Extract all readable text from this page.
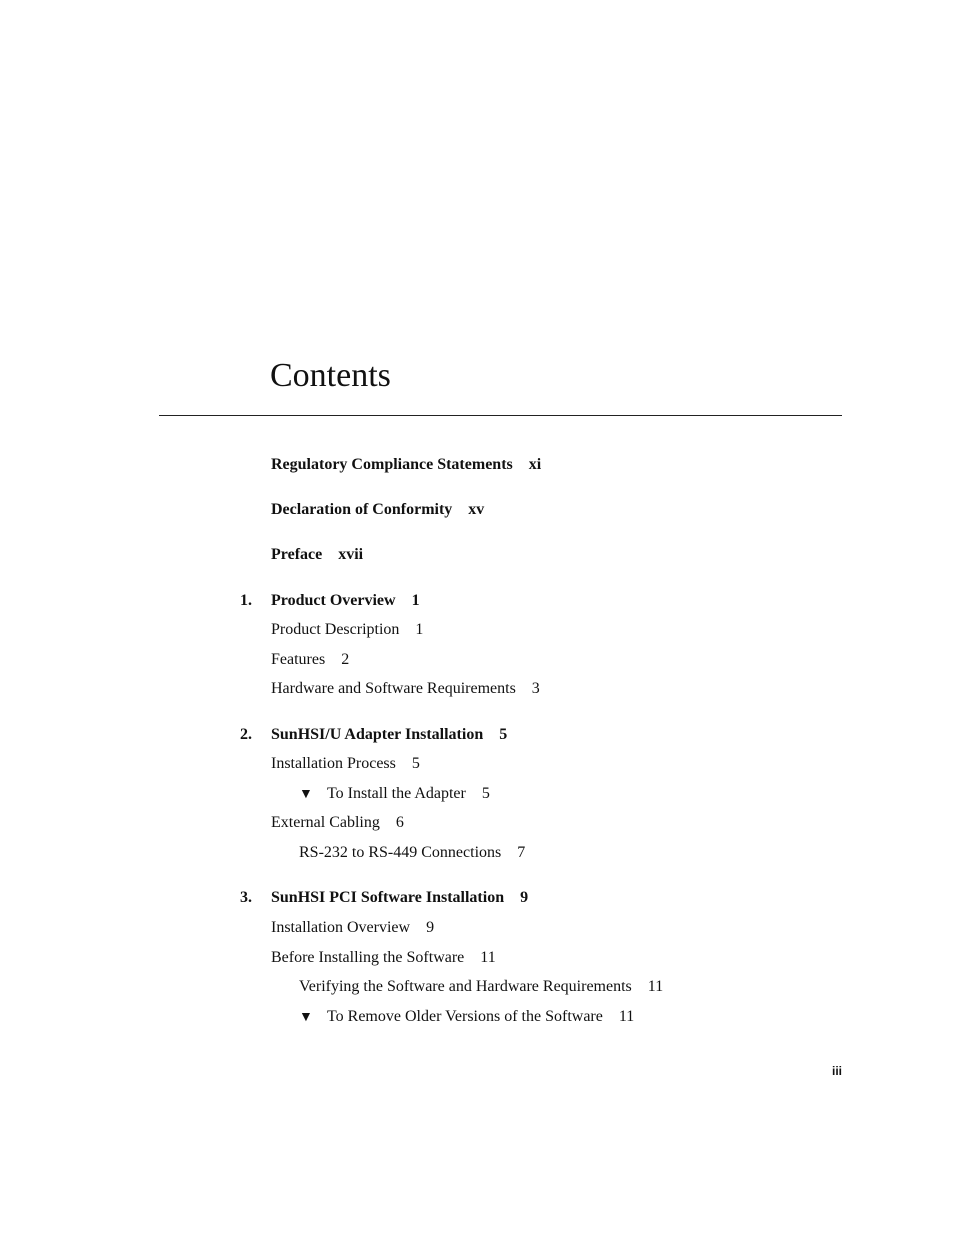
Contents
Regulatory Compliance Statements xi
Declaration of Conformity xv
Preface xvii
1.	Product Overview 1
Product Description 1
Features 2
Hardware and Software Requirements 3
2.	SunHSI/U Adapter Installation 5
Installation Process 5
▼ To Install the Adapter 5
External Cabling 6
RS-232 to RS-449 Connections 7
3.	SunHSI PCI Software Installation 9
Installation Overview 9
Before Installing the Software 11
Verifying the Software and Hardware Requirements 11
▼ To Remove Older Versions of the Software 11
iii
